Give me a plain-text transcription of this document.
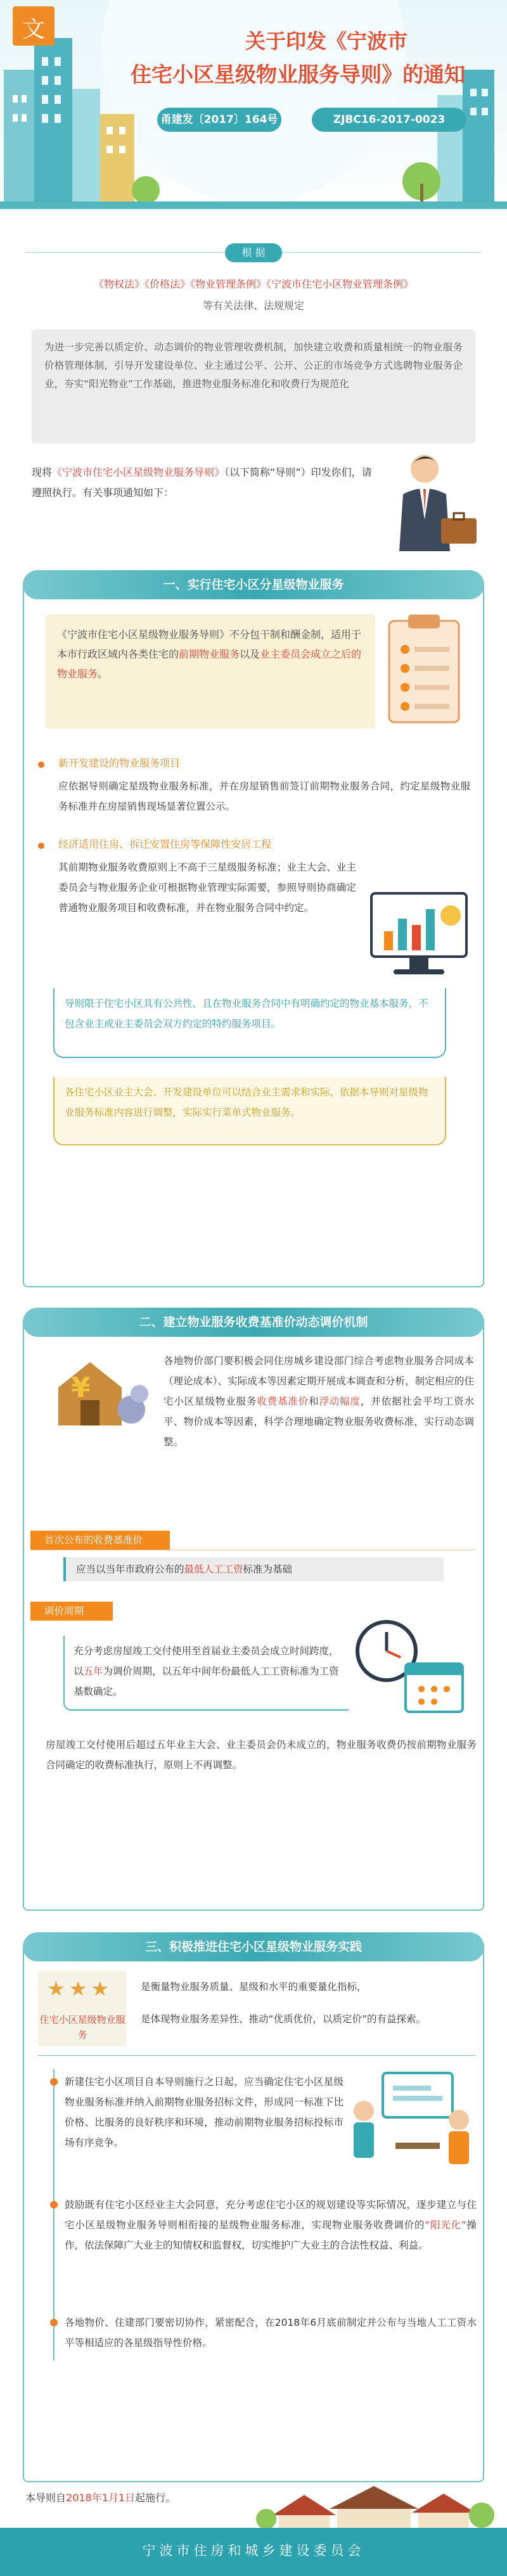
文	关于印发《宁波市
住宅小区星级物业服务导则》的通知
甬建发〔2017〕164号	ZJBC16-2017-0023
根 据
《物权法》《价格法》《物业管理条例》《宁波市住宅小区物业管理条例》
等有关法律、法规规定
为进一步完善以质定价、动态调价的物业管理收费机制，加快建立收费和质量相统一的物业服务价格管理体制，引导开发建设单位、业主通过公平、公开、公正的市场竞争方式选聘物业服务企业，夯实“阳光物业”工作基础，推进物业服务标准化和收费行为规范化
现将《宁波市住宅小区星级物业服务导则》（以下简称“导则”）印发你们，请遵照执行。有关事项通知如下：
一、实行住宅小区分星级物业服务
《宁波市住宅小区星级物业服务导则》不分包干制和酬金制，适用于本市行政区域内各类住宅的前期物业服务以及业主委员会成立之后的物业服务。
新开发建设的物业服务项目
应依据导则确定星级物业服务标准，并在房屋销售前签订前期物业服务合同，约定星级物业服务标准并在房屋销售现场显著位置公示。
经济适用住房、拆迁安置住房等保障性安居工程
其前期物业服务收费原则上不高于三星级服务标准；业主大会、业主委员会与物业服务企业可根据物业管理实际需要，参照导则协商确定普通物业服务项目和收费标准，并在物业服务合同中约定。
导则限于住宅小区具有公共性、且在物业服务合同中有明确约定的物业基本服务，不包含业主或业主委员会双方约定的特约服务项目。
各住宅小区业主大会、开发建设单位可以结合业主需求和实际，依据本导则对星级物业服务标准内容进行调整，实际实行菜单式物业服务。
二、建立物业服务收费基准价动态调价机制
¥
各地物价部门要积极会同住房城乡建设部门综合考虑物业服务合同成本（理论成本）、实际成本等因素定期开展成本调查和分析，制定相应的住宅小区星级物业服务收费基准价和浮动幅度，并依据社会平均工资水平、物价成本等因素，科学合理地确定物业服务收费标准，实行动态调整。
首次公布的收费基准价
应当以当年市政府公布的最低人工工资标准为基础
调价周期
充分考虑房屋竣工交付使用至首届业主委员会成立时间跨度，以五年为调价周期，以五年中间年份最低人工工资标准为工资基数确定。
房屋竣工交付使用后超过五年业主大会、业主委员会仍未成立的，物业服务收费仍按前期物业服务合同确定的收费标准执行，原则上不再调整。
三、积极推进住宅小区星级物业服务实践
★★★
住宅小区星级物业服务
是衡量物业服务质量、星级和水平的重要量化指标，
是体现物业服务差异性、推动“优质优价，以质定价”的有益探索。
新建住宅小区项目自本导则施行之日起，应当确定住宅小区星级物业服务标准并纳入前期物业服务招标文件，形成同一标准下比价格、比服务的良好秩序和环境，推动前期物业服务招标投标市场有序竞争。
鼓励既有住宅小区经业主大会同意，充分考虑住宅小区的规划建设等实际情况，逐步建立与住宅小区星级物业服务导则相衔接的星级物业服务标准，实现物业服务收费调价的“阳光化”操作，依法保障广大业主的知情权和监督权，切实维护广大业主的合法性权益、利益。
各地物价、住建部门要密切协作，紧密配合，在2018年6月底前制定并公布与当地人工工资水平等相适应的各星级指导性价格。
本导则自2018年1月1日起施行。
宁波市住房和城乡建设委员会
